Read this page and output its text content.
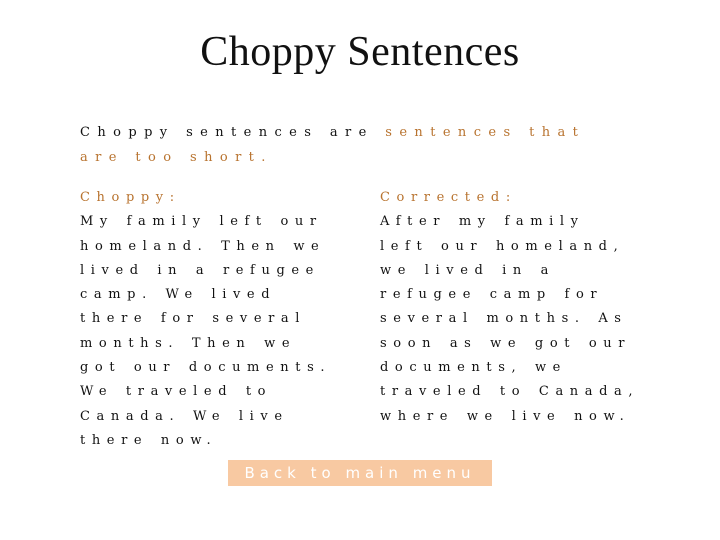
Choppy Sentences
Choppy sentences are sentences that are too short.
Choppy:
My family left our homeland. Then we lived in a refugee camp. We lived there for several months. Then we got our documents. We traveled to Canada. We live there now.
Corrected:
After my family left our homeland, we lived in a refugee camp for several months. As soon as we got our documents, we traveled to Canada, where we live now.
Back to main menu
